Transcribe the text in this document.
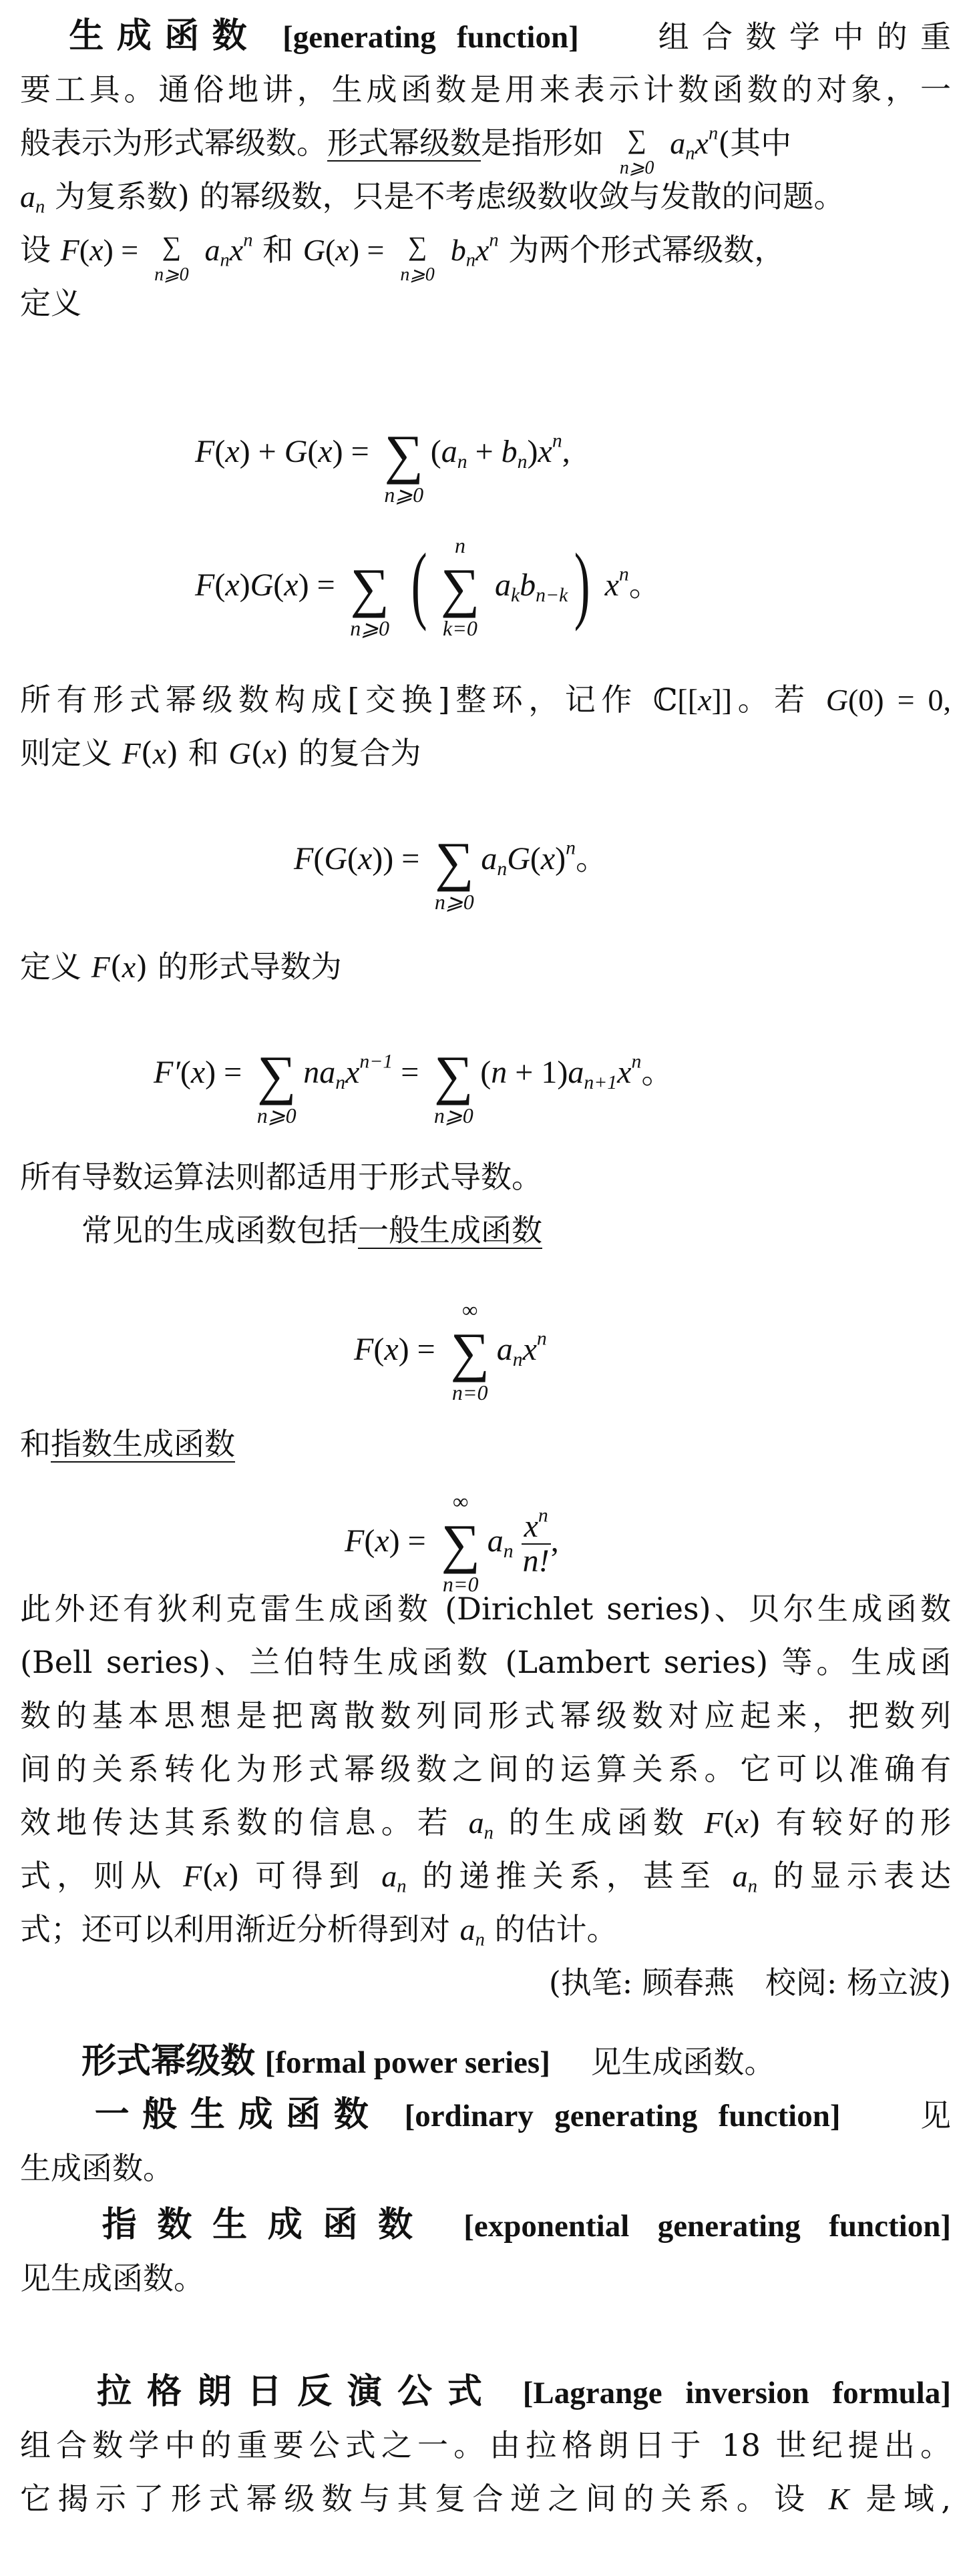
生成函数 [generating function]　	组合数学中的重
要工具。通俗地讲，生成函数是用来表示计数函数的对象，一
般表示为形式幂级数。形式幂级数是指形如 ∑
n⩾0
$a_nx^n$(其中
$a_n$ 为复系数) 的幂级数，只是不考虑级数收敛与发散的问题。
设 F(x) = ∑
n⩾0
$a_nx^n$ 和 G(x) = ∑
n⩾0
$b_nx^n$ 为两个形式幂级数，
定义
F(x) + G(x) = ∑
n⩾0
$(a_n + b_n)x^n$,
F(x)G(x) = ∑
n⩾0 (	n
∑
k=0
$a_kb_{n-k}$) $x^n$。
所有形式幂级数构成[交换]整环，记作 ℂ[[x]]。若 G(0) = 0,
则定义 F(x) 和 G(x) 的复合为
F(G(x)) = ∑
n⩾0
$a_nG(x)^n$。
定义 F(x) 的形式导数为
F′(x) = ∑
n⩾0
$na_nx^{n-1}$ = ∑
n⩾0
$(n + 1)a_{n+1}x^n$。
所有导数运算法则都适用于形式导数。
常见的生成函数包括一般生成函数
F(x) =
∞
∑
n=0
$a_nx^n$
和指数生成函数
F(x) =
∞
∑
n=0
$a_n \frac{x^n}{n!}$ ,
此外还有狄利克雷生成函数 (Dirichlet series)、贝尔生成函数
(Bell series)、兰伯特生成函数 (Lambert series) 等。生成函
数的基本思想是把离散数列同形式幂级数对应起来，把数列
间的关系转化为形式幂级数之间的运算关系。它可以准确有
效地传达其系数的信息。若 $a_n$ 的生成函数 F(x) 有较好的形
式，则从 F(x) 可得到 $a_n$ 的递推关系，甚至 $a_n$ 的显示表达
式；还可以利用渐近分析得到对 $a_n$ 的估计。
(执笔: 顾春燕　校阅: 杨立波)
形式幂级数 [formal power series]　 见生成函数。
一般生成函数 [ordinary generating function]　	见
生成函数。
指数生成函数 [exponential generating function]
见生成函数。
拉格朗日反演公式 [Lagrange inversion formula]
组合数学中的重要公式之一。由拉格朗日于 18 世纪提出。
它揭示了形式幂级数与其复合逆之间的关系。设 K 是域,
